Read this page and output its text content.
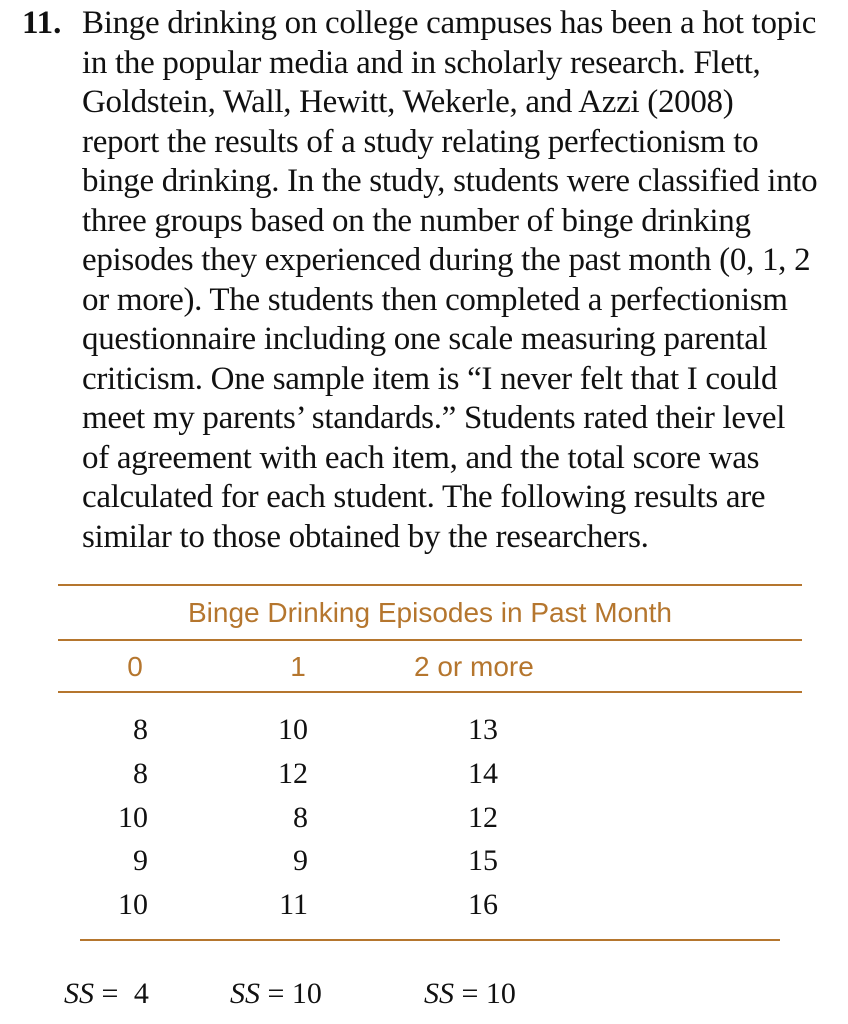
11. Binge drinking on college campuses has been a hot topic
in the popular media and in scholarly research. Flett,
Goldstein, Wall, Hewitt, Wekerle, and Azzi (2008)
report the results of a study relating perfectionism to
binge drinking. In the study, students were classified into
three groups based on the number of binge drinking
episodes they experienced during the past month (0, 1, 2
or more). The students then completed a perfectionism
questionnaire including one scale measuring parental
criticism. One sample item is “I never felt that I could
meet my parents’ standards.” Students rated their level
of agreement with each item, and the total score was
calculated for each student. The following results are
similar to those obtained by the researchers.
Binge Drinking Episodes in Past Month
0	1	2 or more
8	10	13
8	12	14
10	8	12
9	9	15
10	11	16
SS = 4	SS = 10	SS = 10
